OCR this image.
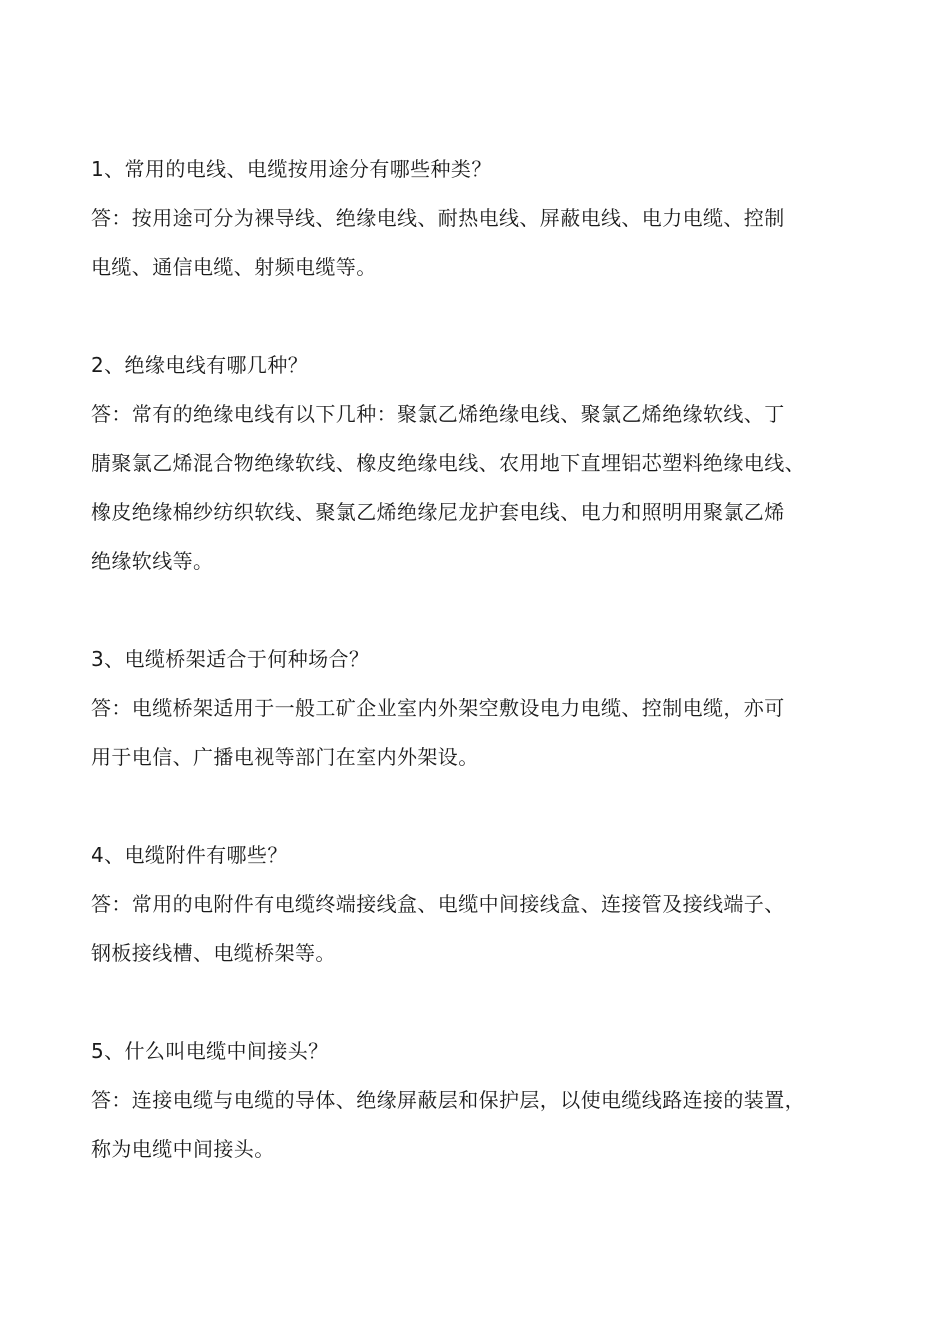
1、常用的电线、电缆按用途分有哪些种类？
答：按用途可分为裸导线、绝缘电线、耐热电线、屏蔽电线、电力电缆、控制
电缆、通信电缆、射频电缆等。
2、绝缘电线有哪几种？
答：常有的绝缘电线有以下几种：聚氯乙烯绝缘电线、聚氯乙烯绝缘软线、丁
腈聚氯乙烯混合物绝缘软线、橡皮绝缘电线、农用地下直埋铝芯塑料绝缘电线、
橡皮绝缘棉纱纺织软线、聚氯乙烯绝缘尼龙护套电线、电力和照明用聚氯乙烯
绝缘软线等。
3、电缆桥架适合于何种场合？
答：电缆桥架适用于一般工矿企业室内外架空敷设电力电缆、控制电缆，亦可
用于电信、广播电视等部门在室内外架设。
4、电缆附件有哪些？
答：常用的电附件有电缆终端接线盒、电缆中间接线盒、连接管及接线端子、
钢板接线槽、电缆桥架等。
5、什么叫电缆中间接头？
答：连接电缆与电缆的导体、绝缘屏蔽层和保护层，以使电缆线路连接的装置，
称为电缆中间接头。
